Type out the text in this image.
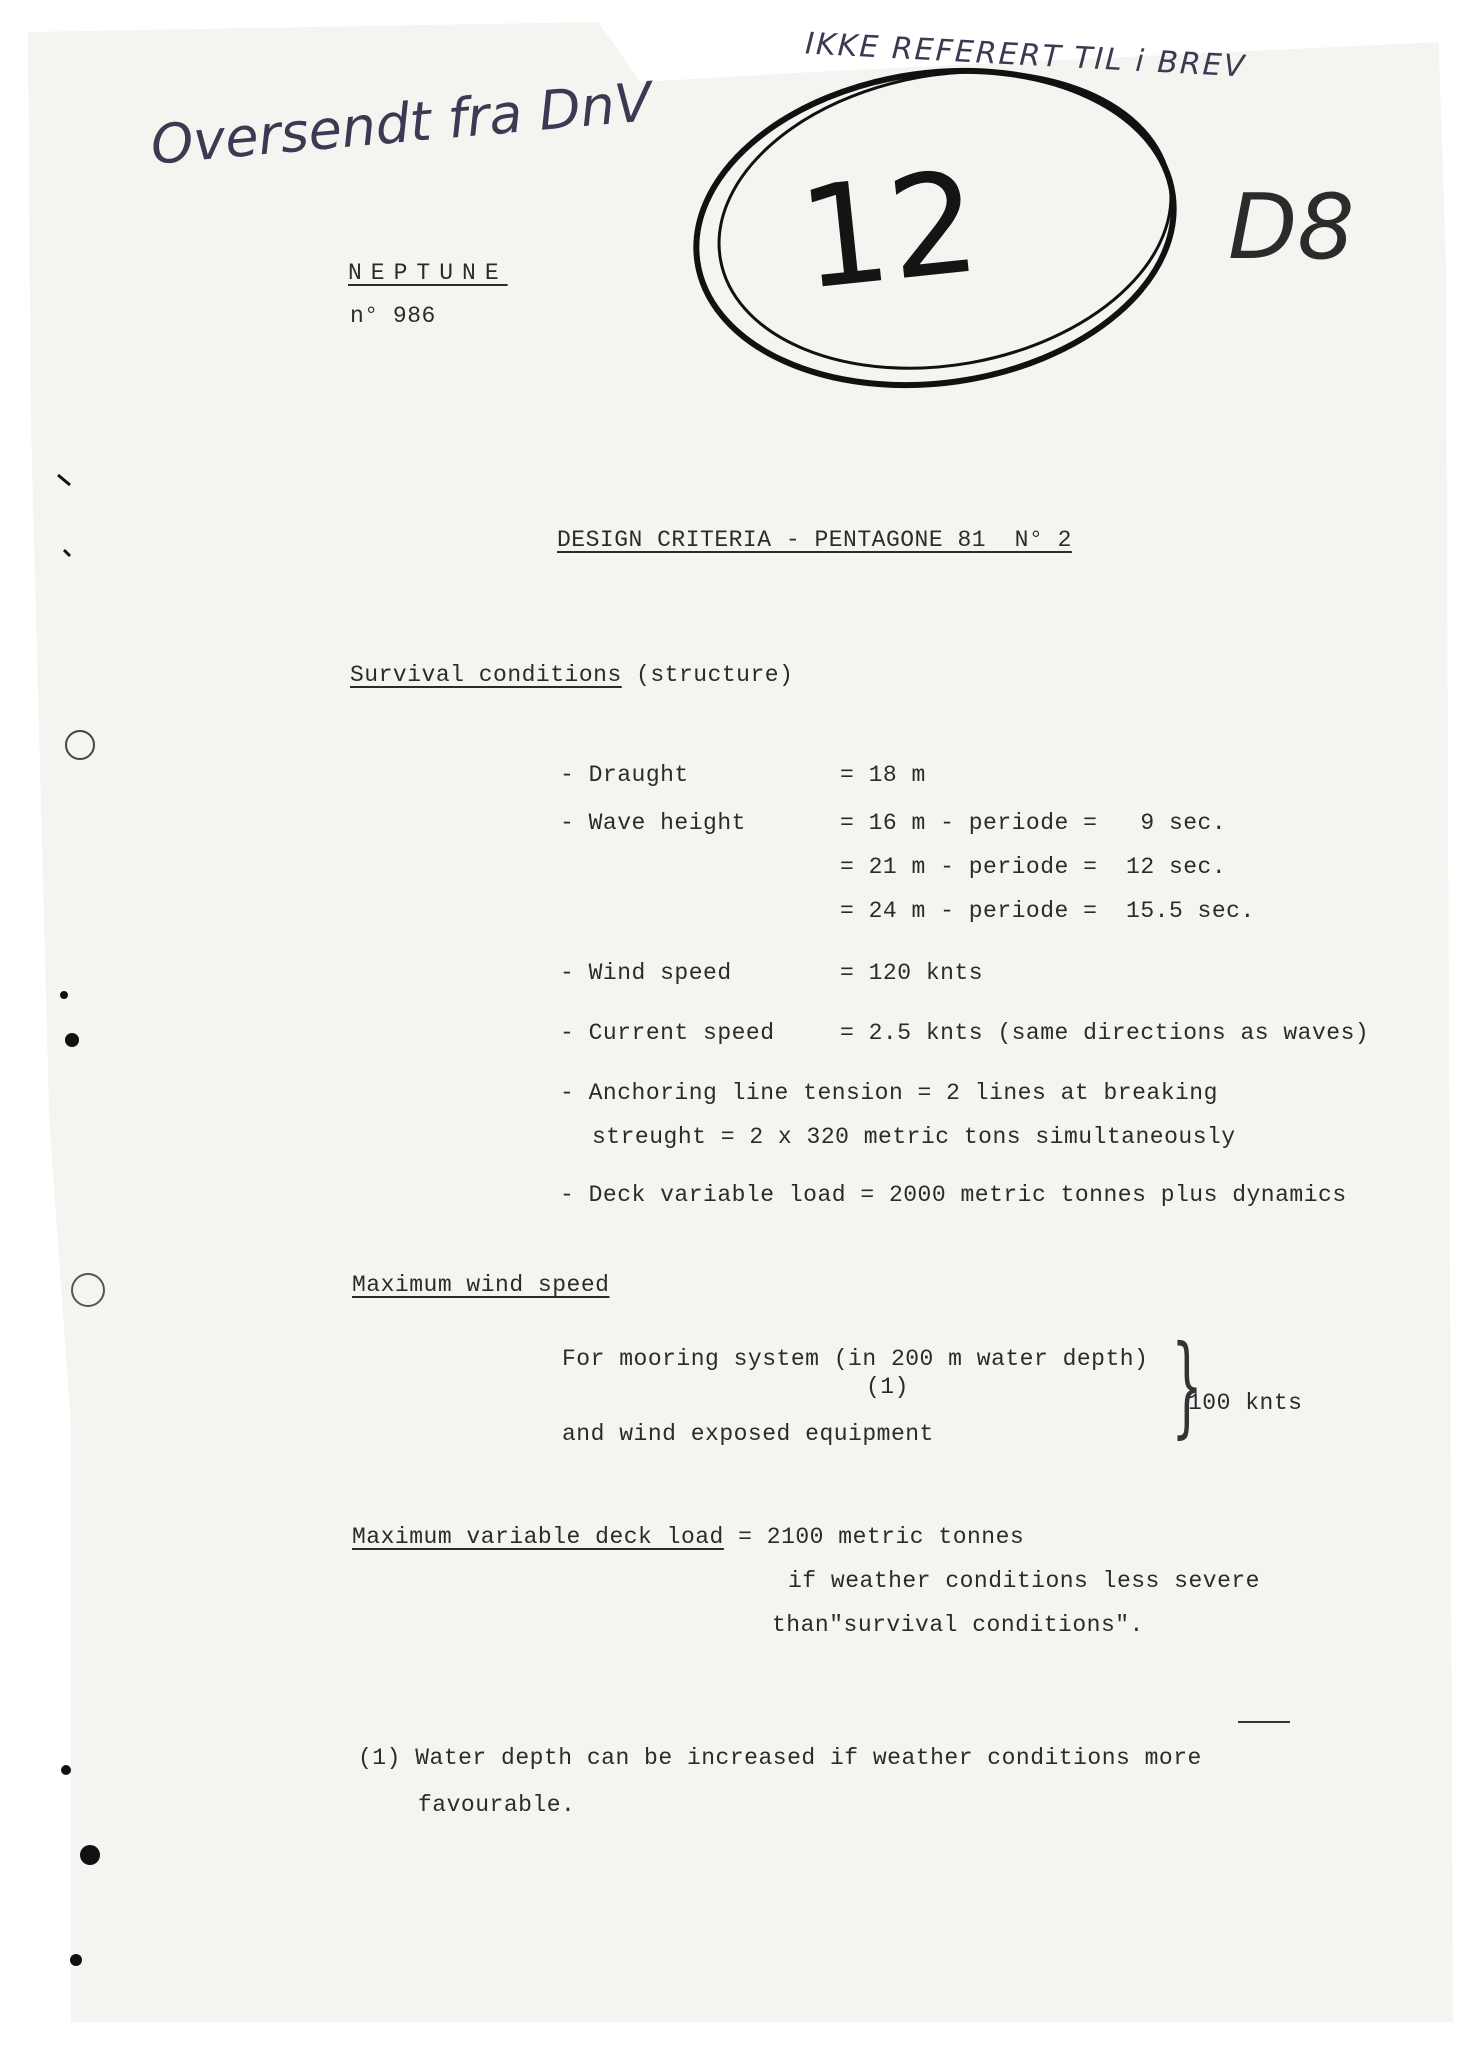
Oversendt fra DnV
IKKE REFERERT TIL i BREV
12	D8
NEPTUNE
n° 986
DESIGN CRITERIA - PENTAGONE 81  N° 2
Survival conditions (structure)
- Draught	= 18 m
- Wave height	= 16 m - periode =   9 sec.
= 21 m - periode =  12 sec.
= 24 m - periode =  15.5 sec.
- Wind speed	= 120 knts
- Current speed	= 2.5 knts (same directions as waves)
- Anchoring line tension = 2 lines at breaking
streught = 2 x 320 metric tons simultaneously
- Deck variable load = 2000 metric tonnes plus dynamics
Maximum wind speed
For mooring system (in 200 m water depth)
(1)
and wind exposed equipment }
100 knts
Maximum variable deck load = 2100 metric tonnes
if weather conditions less severe
than"survival conditions".
(1) Water depth can be increased if weather conditions more
favourable.
